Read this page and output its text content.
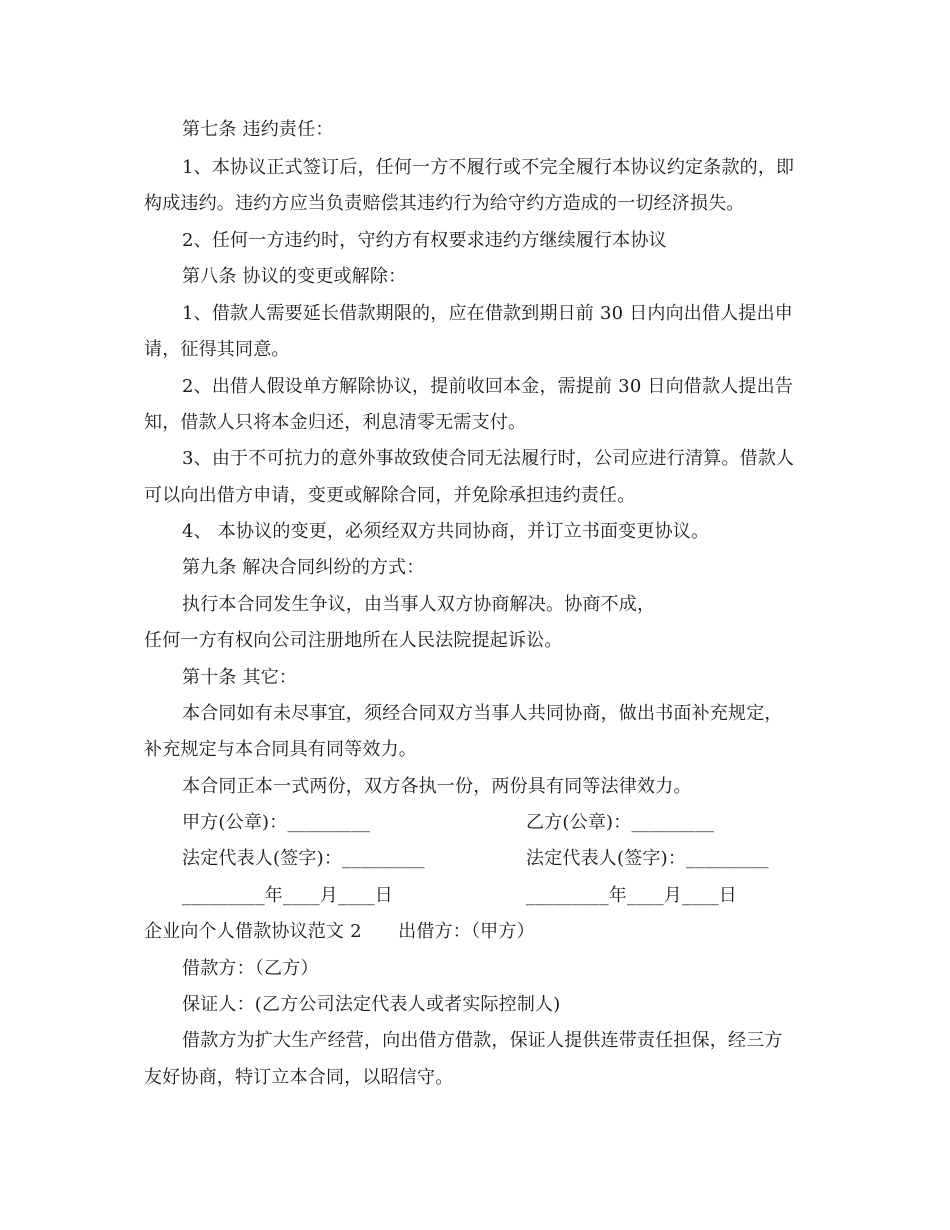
第七条 违约责任：
1、本协议正式签订后，任何一方不履行或不完全履行本协议约定条款的，即
构成违约。违约方应当负责赔偿其违约行为给守约方造成的一切经济损失。
2、任何一方违约时，守约方有权要求违约方继续履行本协议
第八条 协议的变更或解除：
1、借款人需要延长借款期限的，应在借款到期日前 30 日内向出借人提出申
请，征得其同意。
2、出借人假设单方解除协议，提前收回本金，需提前 30 日向借款人提出告
知，借款人只将本金归还，利息清零无需支付。
3、由于不可抗力的意外事故致使合同无法履行时，公司应进行清算。借款人
可以向出借方申请，变更或解除合同，并免除承担违约责任。
4、 本协议的变更，必须经双方共同协商，并订立书面变更协议。
第九条 解决合同纠纷的方式：
执行本合同发生争议，由当事人双方协商解决。协商不成，
任何一方有权向公司注册地所在人民法院提起诉讼。
第十条 其它：
本合同如有未尽事宜，须经合同双方当事人共同协商，做出书面补充规定，
补充规定与本合同具有同等效力。
本合同正本一式两份，双方各执一份，两份具有同等法律效力。
甲方(公章)：_________	乙方(公章)：_________
法定代表人(签字)：_________	法定代表人(签字)：_________
_________年____月____日	_________年____月____日
企业向个人借款协议范文 2　　出借方：（甲方）
借款方：（乙方）
保证人：(乙方公司法定代表人或者实际控制人)
借款方为扩大生产经营，向出借方借款，保证人提供连带责任担保，经三方
友好协商，特订立本合同，以昭信守。
